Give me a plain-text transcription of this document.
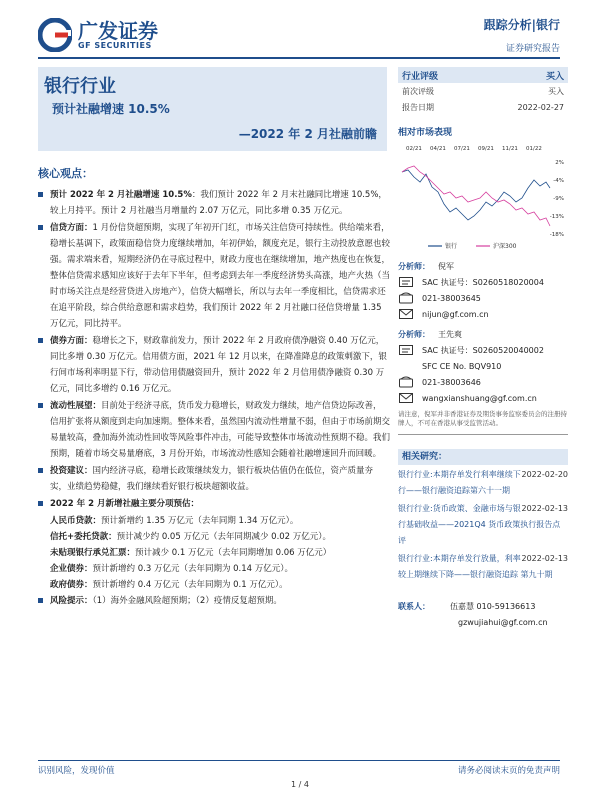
广发证券
GF SECURITIES
跟踪分析|银行
证券研究报告
银行行业
预计社融增速 10.5%
—2022 年 2 月社融前瞻
核心观点：
预计 2022 年 2 月社融增速 10.5%：我们预计 2022 年 2 月末社融同比增速 10.5%，较上月持平。预计 2 月社融当月增量约 2.07 万亿元，同比多增 0.35 万亿元。
信贷方面：1 月份信贷超预期，实现了年初开门红，市场关注信贷可持续性。供给端来看，稳增长基调下，政策面稳信贷力度继续增加，年初伊始，额度充足，银行主动投放意愿也较强。需求端来看，短期经济仍在寻底过程中，财政力度也在继续增加，地产热度也在恢复，整体信贷需求感知应该好于去年下半年，但考虑到去年一季度经济势头高涨，地产火热（当时市场关注点是经营贷进入房地产），信贷大幅增长，所以与去年一季度相比，信贷需求还在追平阶段，综合供给意愿和需求趋势，我们预计 2022 年 2 月社融口径信贷增量 1.35 万亿元，同比持平。
债券方面：稳增长之下，财政靠前发力，预计 2022 年 2 月政府债净融资 0.40 万亿元，同比多增 0.30 万亿元。信用债方面，2021 年 12 月以来，在降准降息的政策刺激下，银行间市场利率明显下行，带动信用债融资回升，预计 2022 年 2 月信用债净融资 0.30 万亿元，同比多增约 0.16 万亿元。
流动性展望：目前处于经济寻底，货币发力稳增长，财政发力继续，地产信贷边际改善，信用扩张将从额度到走向加速期。整体来看，虽然国内流动性增量不弱，但由于市场前期交易量较高，叠加海外流动性回收等风险事件冲击，可能导致整体市场流动性预期不稳。我们预期，随着市场交易量磨底，3 月份开始，市场流动性感知会随着社融增速回升而回暖。
投资建议：国内经济寻底，稳增长政策继续发力，银行板块估值仍在低位，资产质量夯实，业绩趋势稳健，我们继续看好银行板块超额收益。
2022 年 2 月新增社融主要分项预估：
人民币贷款：预计新增约 1.35 万亿元（去年同期 1.34 万亿元）。
信托+委托贷款：预计减少约 0.05 万亿元（去年同期减少 0.02 万亿元）。
未贴现银行承兑汇票：预计减少 0.1 万亿元（去年同期增加 0.06 万亿元）
企业债券：预计新增约 0.3 万亿元（去年同期为 0.14 万亿元）。
政府债券：预计新增约 0.4 万亿元（去年同期为 0.1 万亿元）。
风险提示：（1）海外金融风险超预期；（2）疫情反复超预期。
行业评级	买入
前次评级	买入
报告日期	2022-02-27
相对市场表现
02/21 04/21 07/21 09/21 11/21 01/22
2%
-4%
-9%
-13%
-18%
银行	沪深300
分析师：	倪军
SAC 执证号：S0260518020004
021-38003645
nijun@gf.com.cn
分析师：	王先爽
SAC 执证号：S0260520040002
SFC CE No. BQV910
021-38003646
wangxianshuang@gf.com.cn
请注意，倪军并非香港证券及期货事务监察委员会的注册持牌人，不可在香港从事受监管活动。
相关研究：
2022-02-20
银行行业:本期存单发行利率继续下行——银行融资追踪第六十一期
2022-02-13
银行行业:货币政策、金融市场与银行基础收益——2021Q4 货币政策执行报告点评
2022-02-13
银行行业:本期存单发行放量，利率较上期继续下降——银行融资追踪 第九十期
联系人：	伍嘉慧 010-59136613
gzwujiahui@gf.com.cn
识别风险，发现价值	请务必阅读末页的免责声明
1 / 4
